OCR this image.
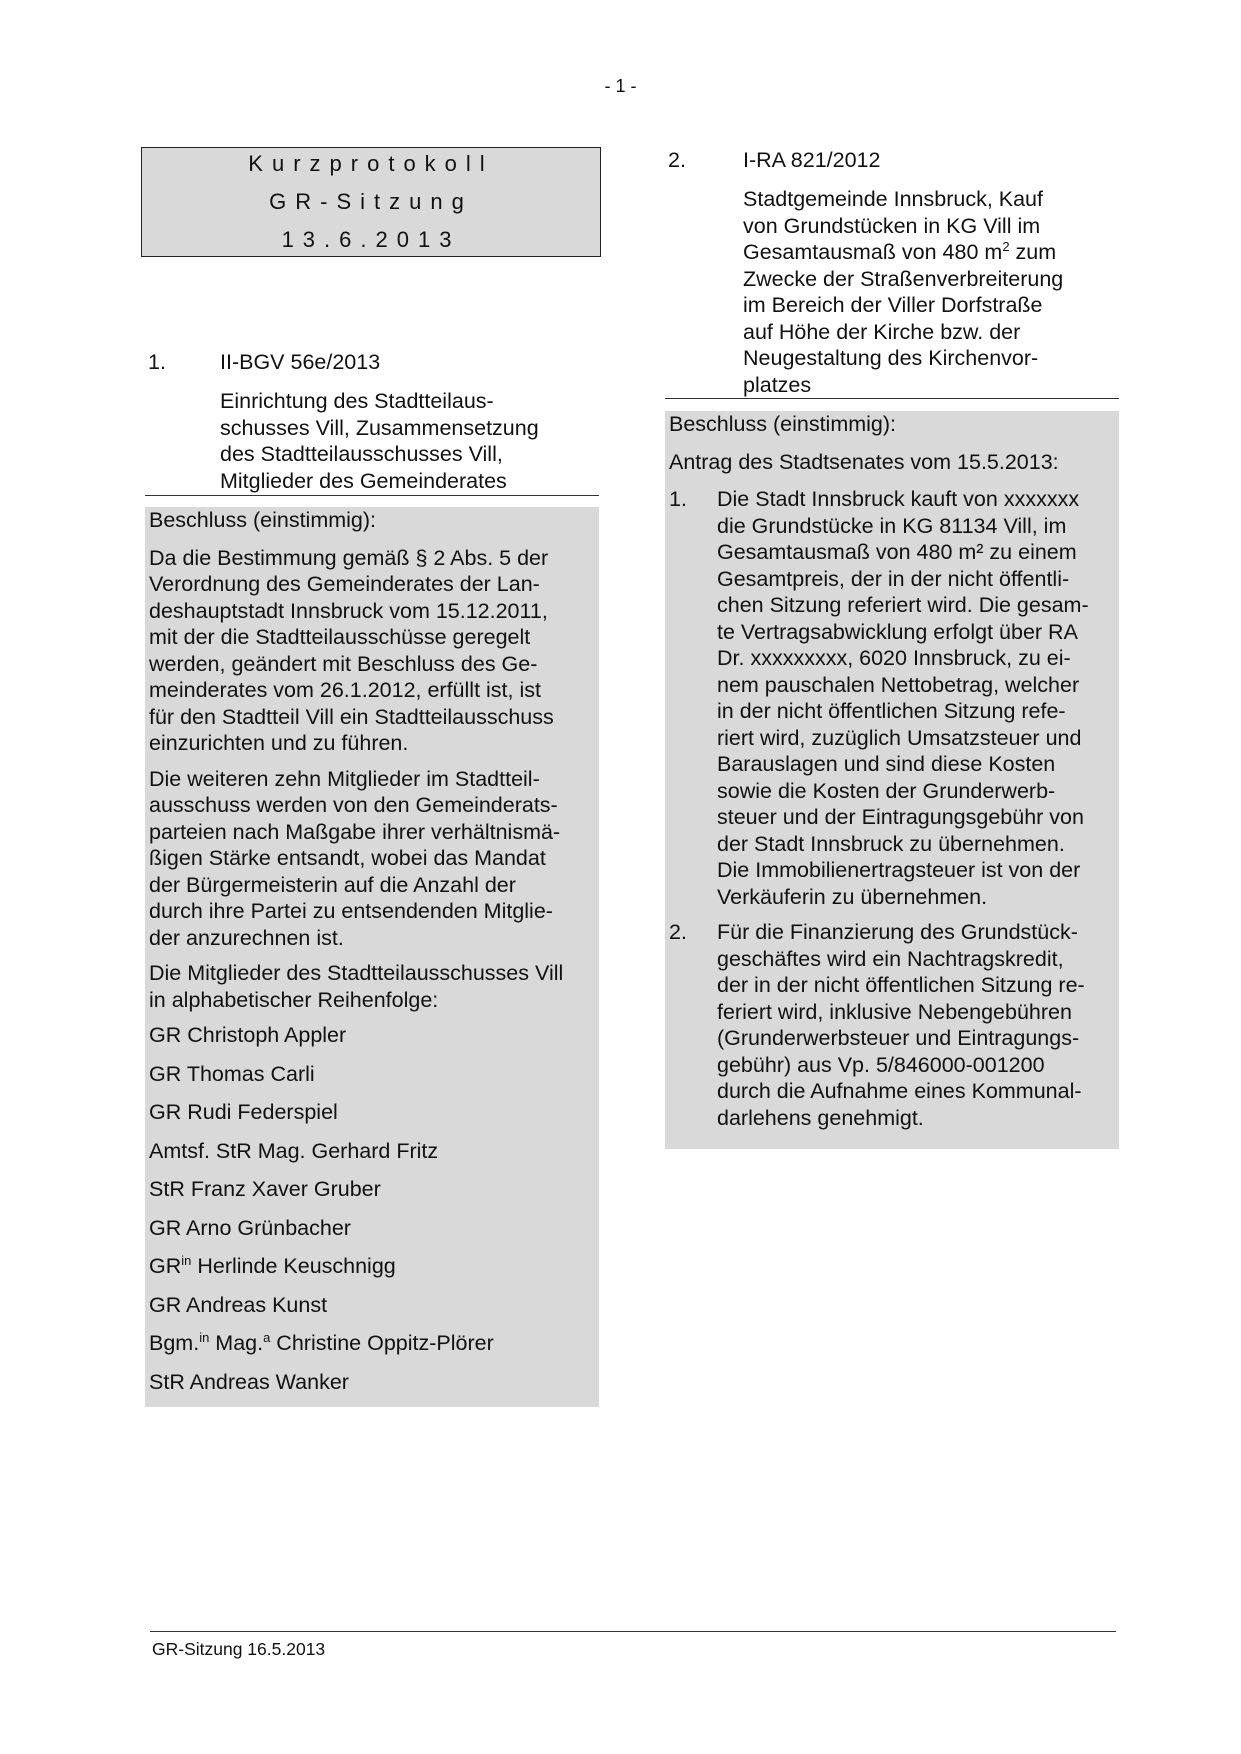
- 1 -
Kurzprotokoll
GR-Sitzung
13.6.2013
1.	II-BGV 56e/2013
Einrichtung des Stadtteilaus-
schusses Vill, Zusammensetzung
des Stadtteilausschusses Vill,
Mitglieder des Gemeinderates

Beschluss (einstimmig):

Da die Bestimmung gemäß § 2 Abs. 5 der
Verordnung des Gemeinderates der Lan-
deshauptstadt Innsbruck vom 15.12.2011,
mit der die Stadtteilausschüsse geregelt
werden, geändert mit Beschluss des Ge-
meinderates vom 26.1.2012, erfüllt ist, ist
für den Stadtteil Vill ein Stadtteilausschuss
einzurichten und zu führen.

Die weiteren zehn Mitglieder im Stadtteil-
ausschuss werden von den Gemeinderats-
parteien nach Maßgabe ihrer verhältnismä-
ßigen Stärke entsandt, wobei das Mandat
der Bürgermeisterin auf die Anzahl der
durch ihre Partei zu entsendenden Mitglie-
der anzurechnen ist.

Die Mitglieder des Stadtteilausschusses Vill
in alphabetischer Reihenfolge:

GR Christoph Appler

GR Thomas Carli

GR Rudi Federspiel

Amtsf. StR Mag. Gerhard Fritz

StR Franz Xaver Gruber

GR Arno Grünbacher

$GR^{in}$ Herlinde Keuschnigg

GR Andreas Kunst

Bgm.$^{in}$ Mag.$^a$ Christine Oppitz-Plörer

StR Andreas Wanker

2.	I-RA 821/2012
Stadtgemeinde Innsbruck, Kauf
von Grundstücken in KG Vill im
Gesamtausmaß von 480 $m^2$ zum
Zwecke der Straßenverbreiterung
im Bereich der Viller Dorfstraße
auf Höhe der Kirche bzw. der
Neugestaltung des Kirchenvor-
platzes

Beschluss (einstimmig):

Antrag des Stadtsenates vom 15.5.2013:

1.	Die Stadt Innsbruck kauft von xxxxxxx
die Grundstücke in KG 81134 Vill, im
Gesamtausmaß von 480 m² zu einem
Gesamtpreis, der in der nicht öffentli-
chen Sitzung referiert wird. Die gesam-
te Vertragsabwicklung erfolgt über RA
Dr. xxxxxxxxx, 6020 Innsbruck, zu ei-
nem pauschalen Nettobetrag, welcher
in der nicht öffentlichen Sitzung refe-
riert wird, zuzüglich Umsatzsteuer und
Barauslagen und sind diese Kosten
sowie die Kosten der Grunderwerb-
steuer und der Eintragungsgebühr von
der Stadt Innsbruck zu übernehmen.
Die Immobilienertragsteuer ist von der
Verkäuferin zu übernehmen.
2.	Für die Finanzierung des Grundstück-
geschäftes wird ein Nachtragskredit,
der in der nicht öffentlichen Sitzung re-
feriert wird, inklusive Nebengebühren
(Grunderwerbsteuer und Eintragungs-
gebühr) aus Vp. 5/846000-001200
durch die Aufnahme eines Kommunal-
darlehens genehmigt.
GR-Sitzung 16.5.2013
